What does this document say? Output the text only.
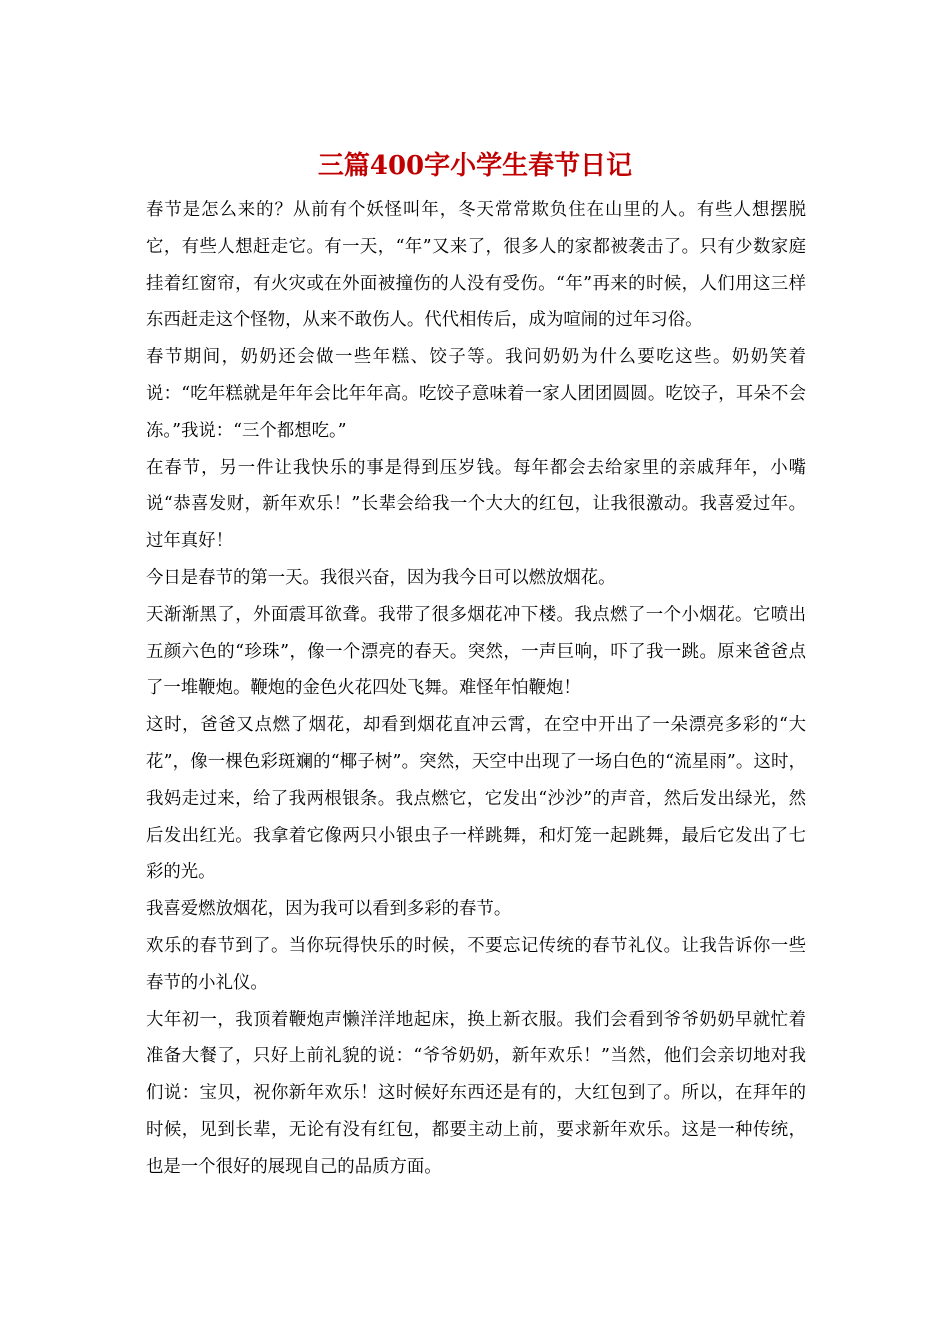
三篇400字小学生春节日记

春节是怎么来的？从前有个妖怪叫年，冬天常常欺负住在山里的人。有些人想摆脱它，有些人想赶走它。有一天，“年”又来了，很多人的家都被袭击了。只有少数家庭挂着红窗帘，有火灾或在外面被撞伤的人没有受伤。“年”再来的时候，人们用这三样东西赶走这个怪物，从来不敢伤人。代代相传后，成为喧闹的过年习俗。

春节期间，奶奶还会做一些年糕、饺子等。我问奶奶为什么要吃这些。奶奶笑着说：“吃年糕就是年年会比年年高。吃饺子意味着一家人团团圆圆。吃饺子，耳朵不会冻。”我说：“三个都想吃。”

在春节，另一件让我快乐的事是得到压岁钱。每年都会去给家里的亲戚拜年，小嘴说“恭喜发财，新年欢乐！”长辈会给我一个大大的红包，让我很激动。我喜爱过年。过年真好！

今日是春节的第一天。我很兴奋，因为我今日可以燃放烟花。

天渐渐黑了，外面震耳欲聋。我带了很多烟花冲下楼。我点燃了一个小烟花。它喷出五颜六色的“珍珠”，像一个漂亮的春天。突然，一声巨响，吓了我一跳。原来爸爸点了一堆鞭炮。鞭炮的金色火花四处飞舞。难怪年怕鞭炮！

这时，爸爸又点燃了烟花，却看到烟花直冲云霄，在空中开出了一朵漂亮多彩的“大花”，像一棵色彩斑斓的“椰子树”。突然，天空中出现了一场白色的“流星雨”。这时，我妈走过来，给了我两根银条。我点燃它，它发出“沙沙”的声音，然后发出绿光，然后发出红光。我拿着它像两只小银虫子一样跳舞，和灯笼一起跳舞，最后它发出了七彩的光。

我喜爱燃放烟花，因为我可以看到多彩的春节。

欢乐的春节到了。当你玩得快乐的时候，不要忘记传统的春节礼仪。让我告诉你一些春节的小礼仪。

大年初一，我顶着鞭炮声懒洋洋地起床，换上新衣服。我们会看到爷爷奶奶早就忙着准备大餐了，只好上前礼貌的说：“爷爷奶奶，新年欢乐！”当然，他们会亲切地对我们说：宝贝，祝你新年欢乐！这时候好东西还是有的，大红包到了。所以，在拜年的时候，见到长辈，无论有没有红包，都要主动上前，要求新年欢乐。这是一种传统，也是一个很好的展现自己的品质方面。
